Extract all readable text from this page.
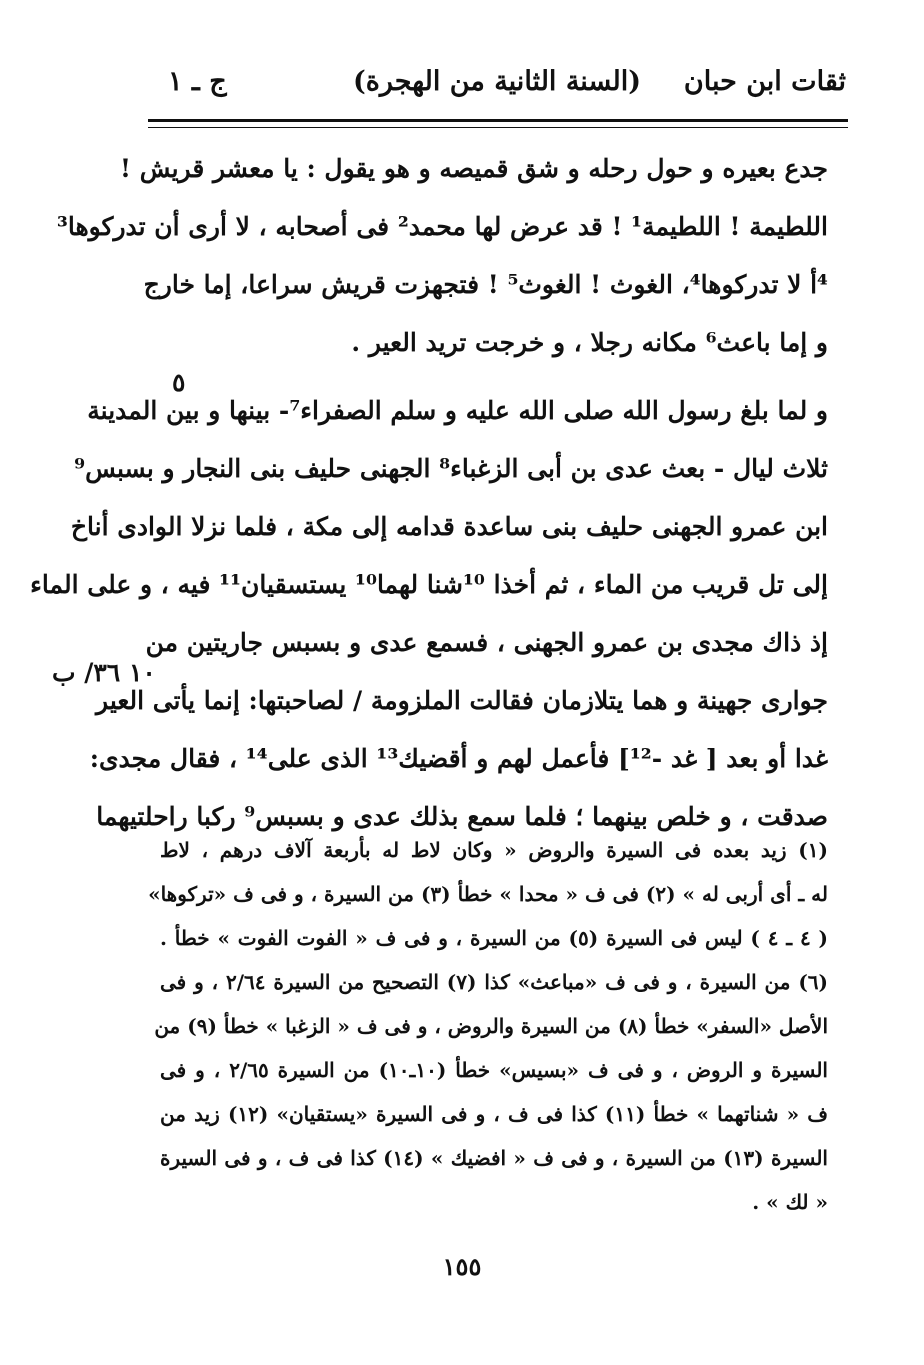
ثقات ابن حبان
(السنة الثانية من الهجرة)
ج ـ ١
جدع بعيره و حول رحله و شق قميصه و هو يقول : يا معشر قريش !
اللطيمة ! اللطيمة¹ ! قد عرض لها محمد² فى أصحابه ، لا أرى أن تدركوها³
⁴أ لا تدركوها⁴، الغوث ! الغوث⁵ ! فتجهزت قريش سراعا، إما خارج
و إما باعث⁶ مكانه رجلا ، و خرجت تريد العير .
و لما بلغ رسول الله صلى الله عليه و سلم الصفراء⁷- بينها و بين المدينة
ثلاث ليال - بعث عدى بن أبى الزغباء⁸ الجهنى حليف بنى النجار و بسبس⁹
ابن عمرو الجهنى حليف بنى ساعدة قدامه إلى مكة ، فلما نزلا الوادى أناخ
إلى تل قريب من الماء ، ثم أخذا ¹⁰شنا لهما¹⁰ يستسقيان¹¹ فيه ، و على الماء
إذ ذاك مجدى بن عمرو الجهنى ، فسمع عدى و بسبس جاريتين من
جوارى جهينة و هما يتلازمان فقالت الملزومة / لصاحبتها: إنما يأتى العير
غدا أو بعد [ غد -¹²] فأعمل لهم و أقضيك¹³ الذى على¹⁴ ، فقال مجدى:
صدقت ، و خلص بينهما ؛ فلما سمع بذلك عدى و بسبس⁹ ركبا راحلتيهما
٥
١٠ ٣٦/ ب
(١) زيد بعده فى السيرة والروض « وكان لاط له بأربعة آلاف درهم ، لاط
له ـ أى أربى له » (٢) فى ف « محدا » خطأ (٣) من السيرة ، و فى ف «تركوها»
( ٤ ـ ٤ ) ليس فى السيرة (٥) من السيرة ، و فى ف « الفوت الفوت » خطأ .
(٦) من السيرة ، و فى ف «مباعث» كذا (٧) التصحيح من السيرة ٢/٦٤ ، و فى
الأصل «السفر» خطأ (٨) من السيرة والروض ، و فى ف « الزغبا » خطأ (٩) من
السيرة و الروض ، و فى ف «بسيس» خطأ (١٠ـ١٠) من السيرة ٢/٦٥ ، و فى
ف « شناتهما » خطأ (١١) كذا فى ف ، و فى السيرة «يستقيان» (١٢) زيد من
السيرة (١٣) من السيرة ، و فى ف « افضيك » (١٤) كذا فى ف ، و فى السيرة
« لك » .
١٥٥
